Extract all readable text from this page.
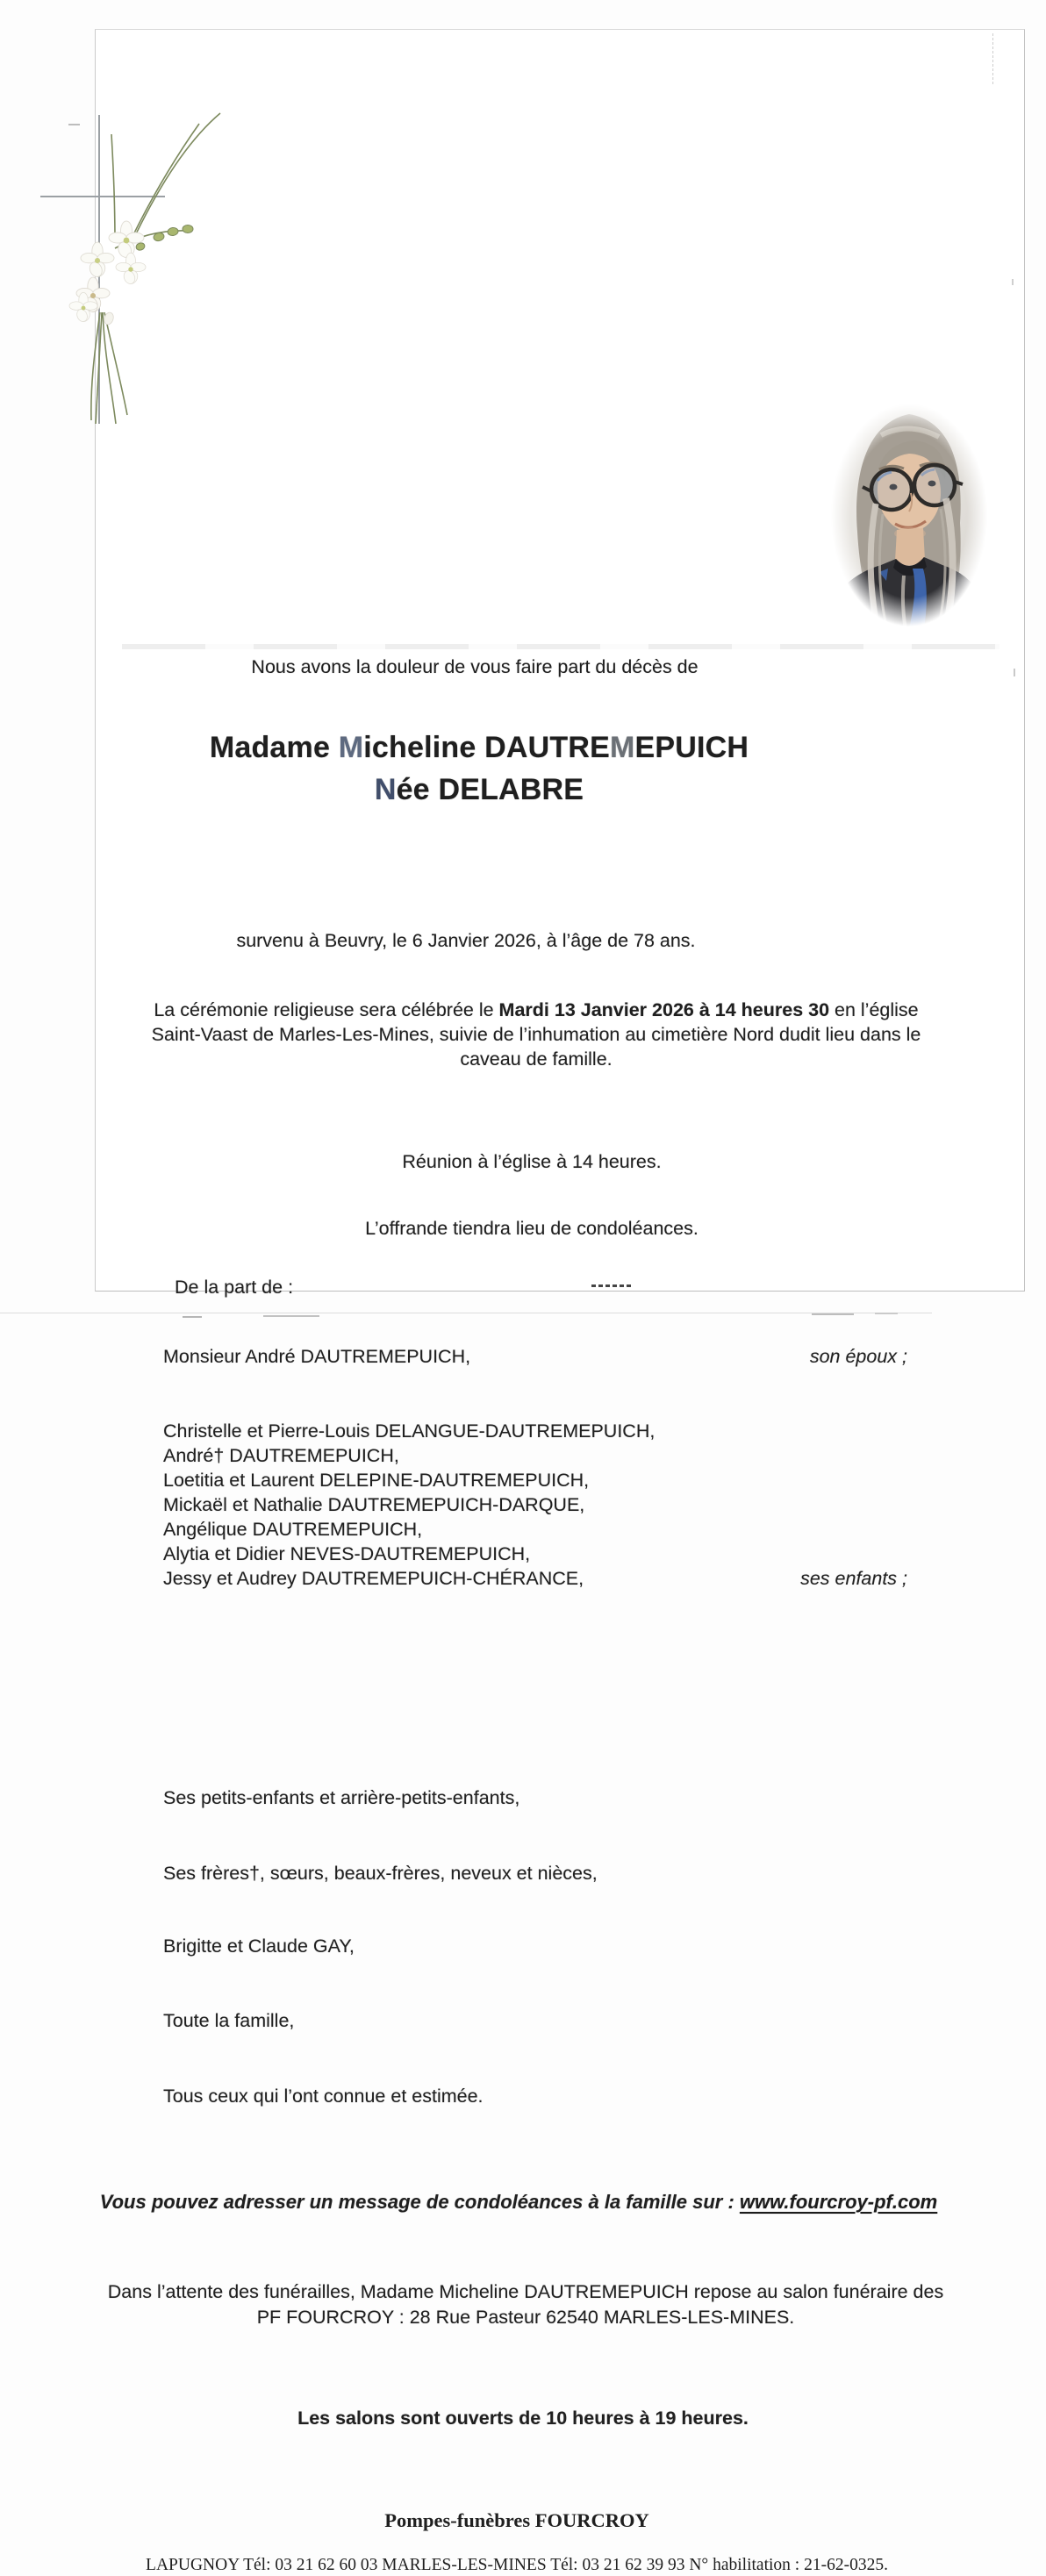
Nous avons la douleur de vous faire part du décès de
Madame Micheline DAUTREMEPUICH
Née DELABRE
survenu à Beuvry, le 6 Janvier 2026, à l’âge de 78 ans.
La cérémonie religieuse sera célébrée le Mardi 13 Janvier 2026 à 14 heures 30 en l’église Saint-Vaast de Marles-Les-Mines, suivie de l’inhumation au cimetière Nord dudit lieu dans le caveau de famille.
Réunion à l’église à 14 heures.
L’offrande tiendra lieu de condoléances.
De la part de :
Monsieur André DAUTREMEPUICH,	son époux ;
Christelle et Pierre-Louis DELANGUE-DAUTREMEPUICH,
André† DAUTREMEPUICH,
Loetitia et Laurent DELEPINE-DAUTREMEPUICH,
Mickaël et Nathalie DAUTREMEPUICH-DARQUE,
Angélique DAUTREMEPUICH,
Alytia et Didier NEVES-DAUTREMEPUICH,
Jessy et Audrey DAUTREMEPUICH-CHÉRANCE,	ses enfants ;
Ses petits-enfants et arrière-petits-enfants,
Ses frères†, sœurs, beaux-frères, neveux et nièces,
Brigitte et Claude GAY,
Toute la famille,
Tous ceux qui l’ont connue et estimée.
Vous pouvez adresser un message de condoléances à la famille sur : www.fourcroy-pf.com
Dans l’attente des funérailles, Madame Micheline DAUTREMEPUICH repose au salon funéraire des PF FOURCROY : 28 Rue Pasteur 62540 MARLES-LES-MINES.
Les salons sont ouverts de 10 heures à 19 heures.
Pompes-funèbres FOURCROY
LAPUGNOY Tél: 03 21 62 60 03 MARLES-LES-MINES Tél: 03 21 62 39 93 N° habilitation : 21-62-0325.
